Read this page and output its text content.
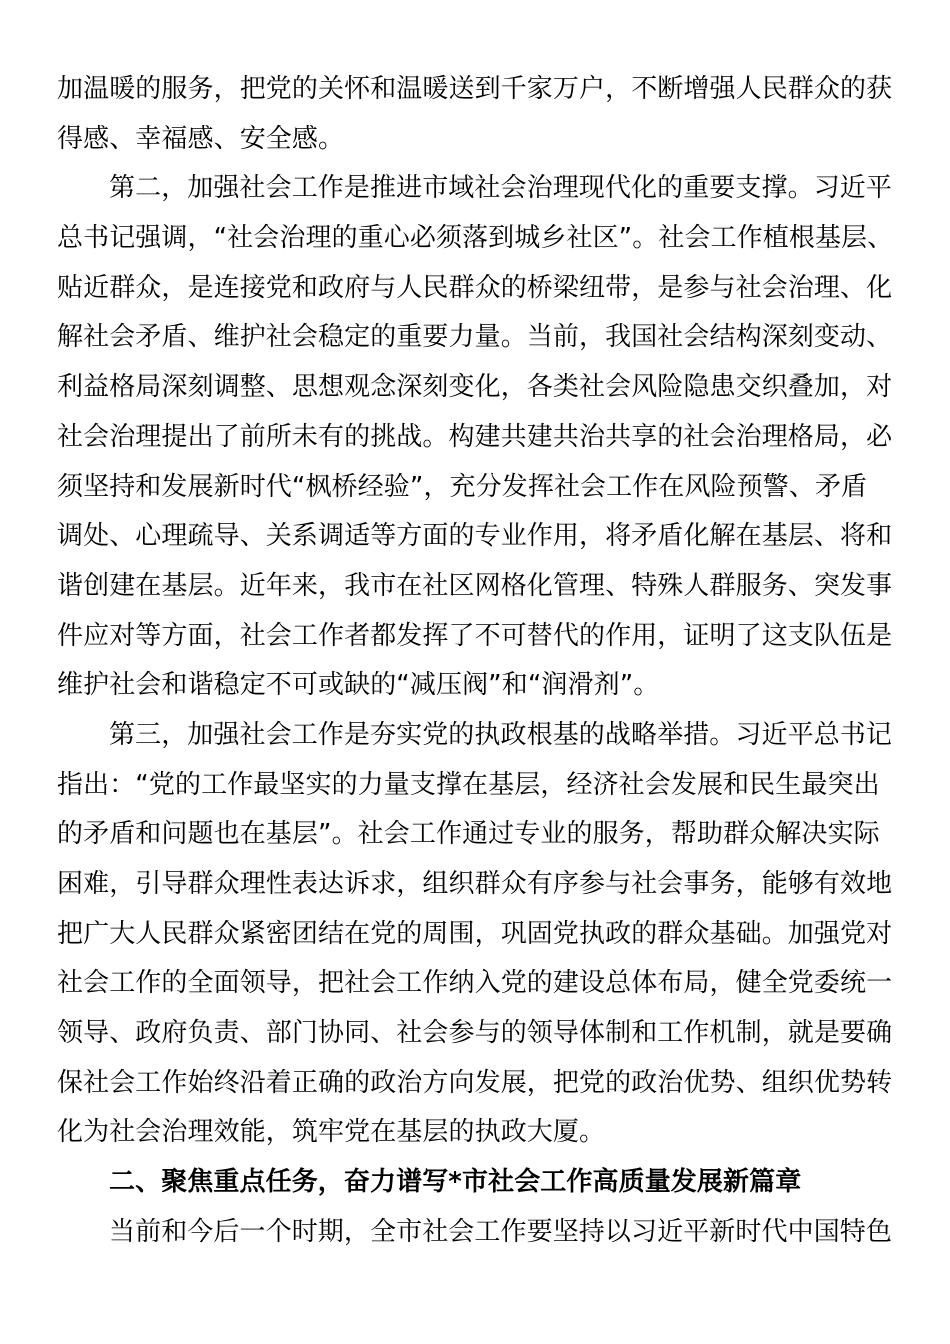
加温暖的服务，把党的关怀和温暖送到千家万户，不断增强人民群众的获
得感、幸福感、安全感。
第二，加强社会工作是推进市域社会治理现代化的重要支撑。习近平
总书记强调，“社会治理的重心必须落到城乡社区”。社会工作植根基层、
贴近群众，是连接党和政府与人民群众的桥梁纽带，是参与社会治理、化
解社会矛盾、维护社会稳定的重要力量。当前，我国社会结构深刻变动、
利益格局深刻调整、思想观念深刻变化，各类社会风险隐患交织叠加，对
社会治理提出了前所未有的挑战。构建共建共治共享的社会治理格局，必
须坚持和发展新时代“枫桥经验”，充分发挥社会工作在风险预警、矛盾
调处、心理疏导、关系调适等方面的专业作用，将矛盾化解在基层、将和
谐创建在基层。近年来，我市在社区网格化管理、特殊人群服务、突发事
件应对等方面，社会工作者都发挥了不可替代的作用，证明了这支队伍是
维护社会和谐稳定不可或缺的“减压阀”和“润滑剂”。
第三，加强社会工作是夯实党的执政根基的战略举措。习近平总书记
指出：“党的工作最坚实的力量支撑在基层，经济社会发展和民生最突出
的矛盾和问题也在基层”。社会工作通过专业的服务，帮助群众解决实际
困难，引导群众理性表达诉求，组织群众有序参与社会事务，能够有效地
把广大人民群众紧密团结在党的周围，巩固党执政的群众基础。加强党对
社会工作的全面领导，把社会工作纳入党的建设总体布局，健全党委统一
领导、政府负责、部门协同、社会参与的领导体制和工作机制，就是要确
保社会工作始终沿着正确的政治方向发展，把党的政治优势、组织优势转
化为社会治理效能，筑牢党在基层的执政大厦。
二、聚焦重点任务，奋力谱写*市社会工作高质量发展新篇章
当前和今后一个时期，全市社会工作要坚持以习近平新时代中国特色
